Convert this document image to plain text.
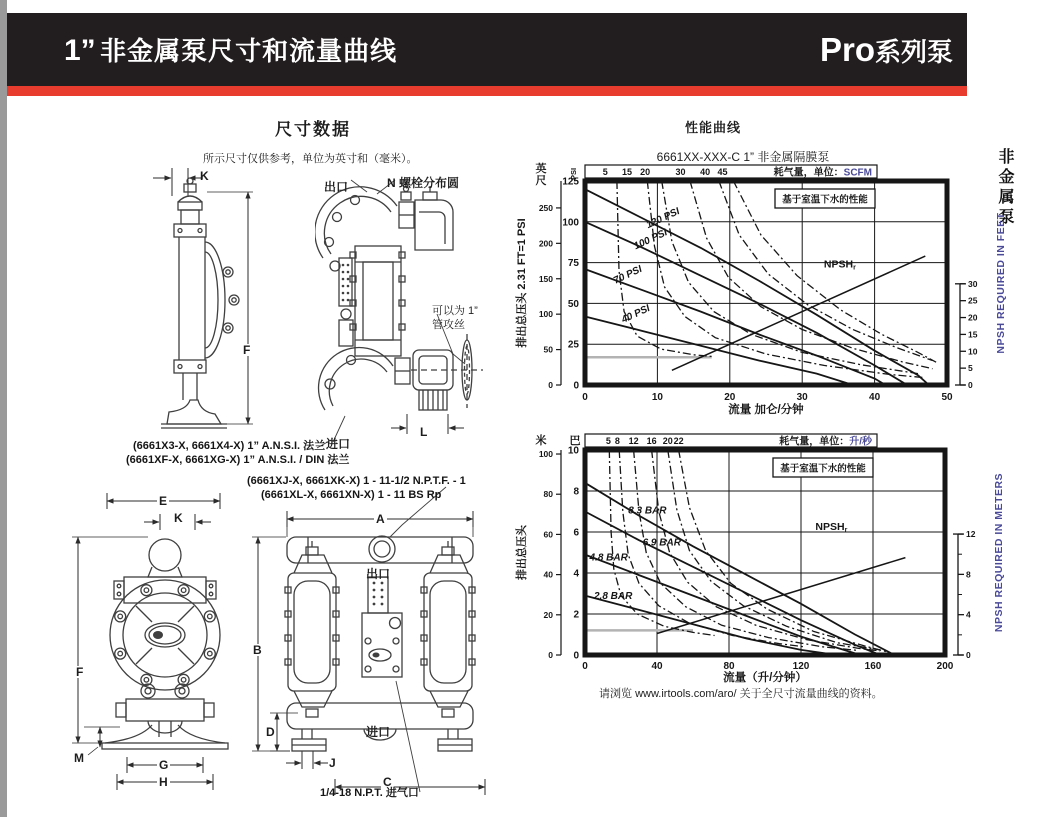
1” 非金属泵尺寸和流量曲线	Pro 系列泵
非金属泵
尺寸数据
所示尺寸仅供参考，单位为英寸和（毫米）。
性能曲线
6661XX-XXX-C 1” 非金属隔膜泵
K
F
出口	N 螺栓分布圆
可以为 1”
管攻丝
进口
L
(6661X3-X, 6661X4-X) 1” A.N.S.I. 法兰
(6661XF-X, 6661XG-X) 1” A.N.S.I. / DIN 法兰
(6661XJ-X, 6661XK-X) 1 - 11-1/2 N.P.T.F. - 1
(6661XL-X, 6661XN-X) 1 - 11 BS Rp
E
K
F
M	G
H
B
D
A
出口
进口
J
C
1/4-18 N.P.T. 进气口
120 PSI
100 PSI
70 PSI
40 PSI
NPSHr
基于室温下水的性能
5 15 20	30 40 45	耗气量，单位：SCFM
0
50
100
150
200
250
英尺
0
25
50
75
100
125
PSI
排出总压头 2.31 FT=1 PSI
0
5
10
15
20
25
30 NPSH REQUIRED IN FEET
0	10	20	30	40	50
流量 加仑/分钟
8.3 BAR
6.9 BAR
4.8 BAR
2.8 BAR
NPSHr
基于室温下水的性能
5 8 12 16 20 22	耗气量，单位：升/秒
0
20
40
60
80
100
米
0
2
4
6
8
10
巴
排出总压头
0
4
8
12 NPSH REQUIRED IN METERS
0	40	80	120	160	200
流量（升/分钟）
请浏览 www.irtools.com/aro/ 关于全尺寸流量曲线的资料。
